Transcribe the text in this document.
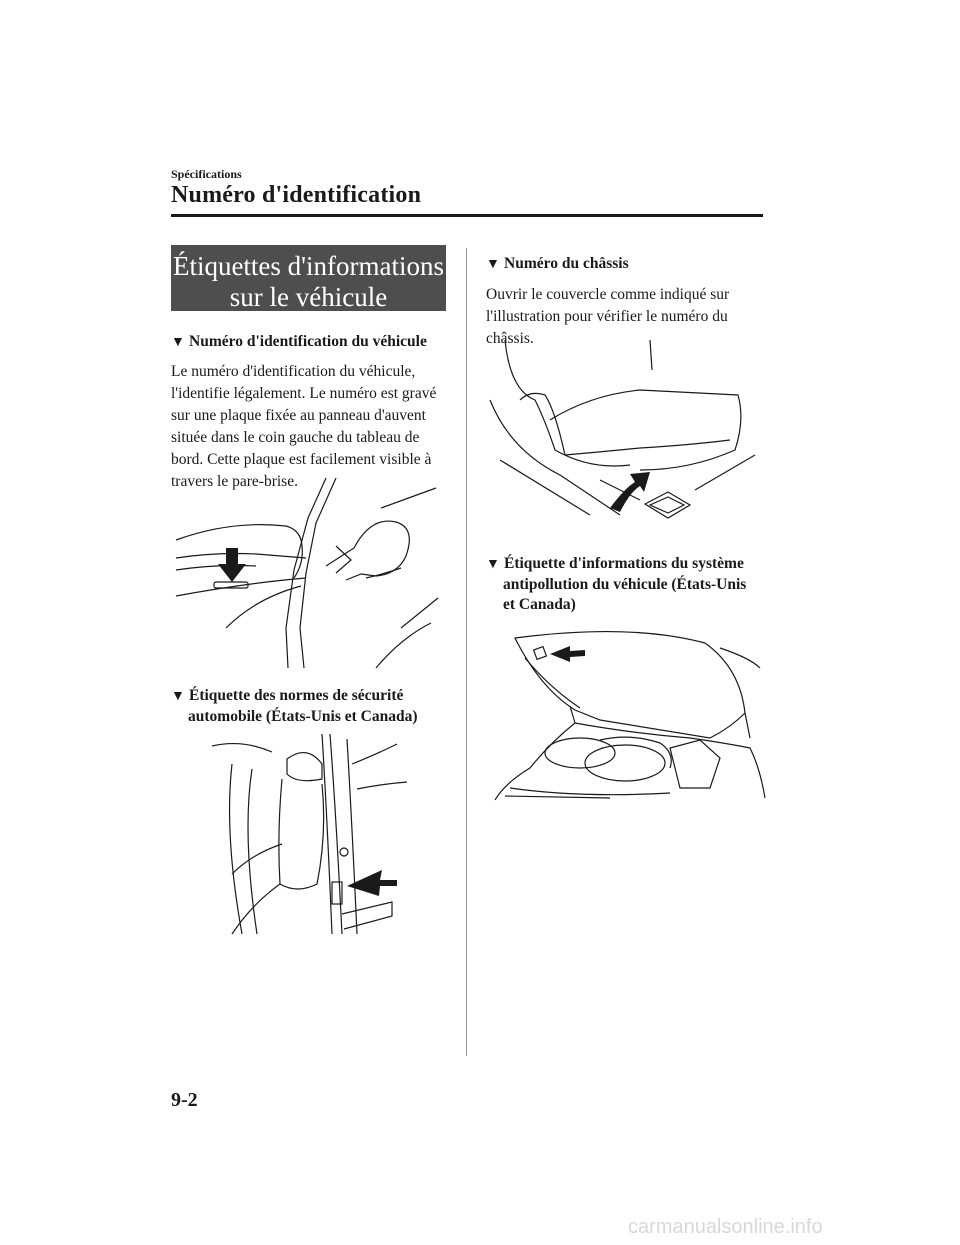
Spécifications
Numéro d'identification
Étiquettes d'informations
sur le véhicule
▼ Numéro d'identification du véhicule
Le numéro d'identification du véhicule, l'identifie légalement. Le numéro est gravé sur une plaque fixée au panneau d'auvent située dans le coin gauche du tableau de bord. Cette plaque est facilement visible à travers le pare-brise.
▼ Étiquette des normes de sécurité
automobile (États-Unis et Canada)
▼ Numéro du châssis
Ouvrir le couvercle comme indiqué sur l'illustration pour vérifier le numéro du châssis.
▼ Étiquette d'informations du système
antipollution du véhicule (États-Unis
et Canada)
9-2
carmanualsonline.info
